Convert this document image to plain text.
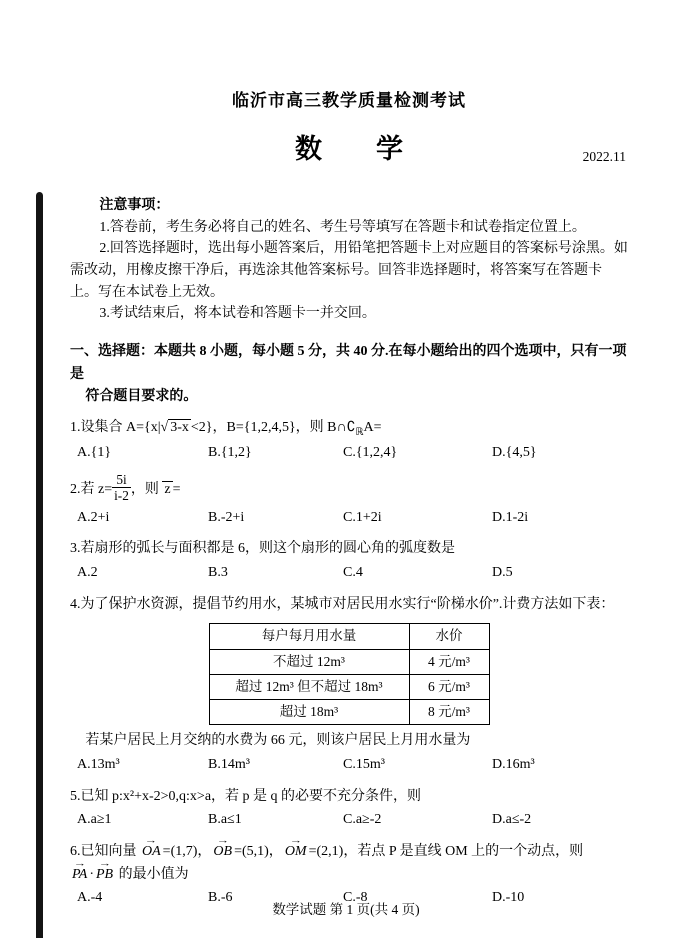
临沂市高三教学质量检测考试
数　　学	2022.11

注意事项：

1.答卷前，考生务必将自己的姓名、考生号等填写在答题卡和试卷指定位置上。

2.回答选择题时，选出每小题答案后，用铅笔把答题卡上对应题目的答案标号涂黑。如需改动，用橡皮擦干净后，再选涂其他答案标号。回答非选择题时，将答案写在答题卡上。写在本试卷上无效。

3.考试结束后，将本试卷和答题卡一并交回。

一、选择题：本题共 8 小题，每小题 5 分，共 40 分.在每小题给出的四个选项中，只有一项是
符合题目要求的。
1.设集合 A={x|√ 3-x <2}，B={1,2,4,5}，则 $B\cap∁_ℝA=$
A.{1}	B.{1,2}	C.{1,2,4}	D.{4,5}
2.若 $z= \frac{5i}{i-2}$ ，则 z =
A.2+i	B.-2+i	C.1+2i	D.1-2i
3.若扇形的弧长与面积都是 6，则这个扇形的圆心角的弧度数是
A.2	B.3	C.4	D.5
4.为了保护水资源，提倡节约用水，某城市对居民用水实行“阶梯水价”.计费方法如下表：
每户每月用水量	水价
不超过 12m³	4 元/m³
超过 12m³ 但不超过 18m³	6 元/m³
超过 18m³	8 元/m³
若某户居民上月交纳的水费为 66 元，则该户居民上月用水量为
A.13m³	B.14m³	C.15m³	D.16m³
5.已知 p:x²+x-2>0,q:x>a，若 p 是 q 的必要不充分条件，则
A.a≥1	B.a≤1	C.a≥-2	D.a≤-2
6.已知向量 OA → =(1,7)， OB → =(5,1)， OM → =(2,1)，若点 P 是直线 OM 上的一个动点，则
PA → · PB → 的最小值为
A.-4	B.-6	C.-8	D.-10
数学试题 第 1 页(共 4 页)
